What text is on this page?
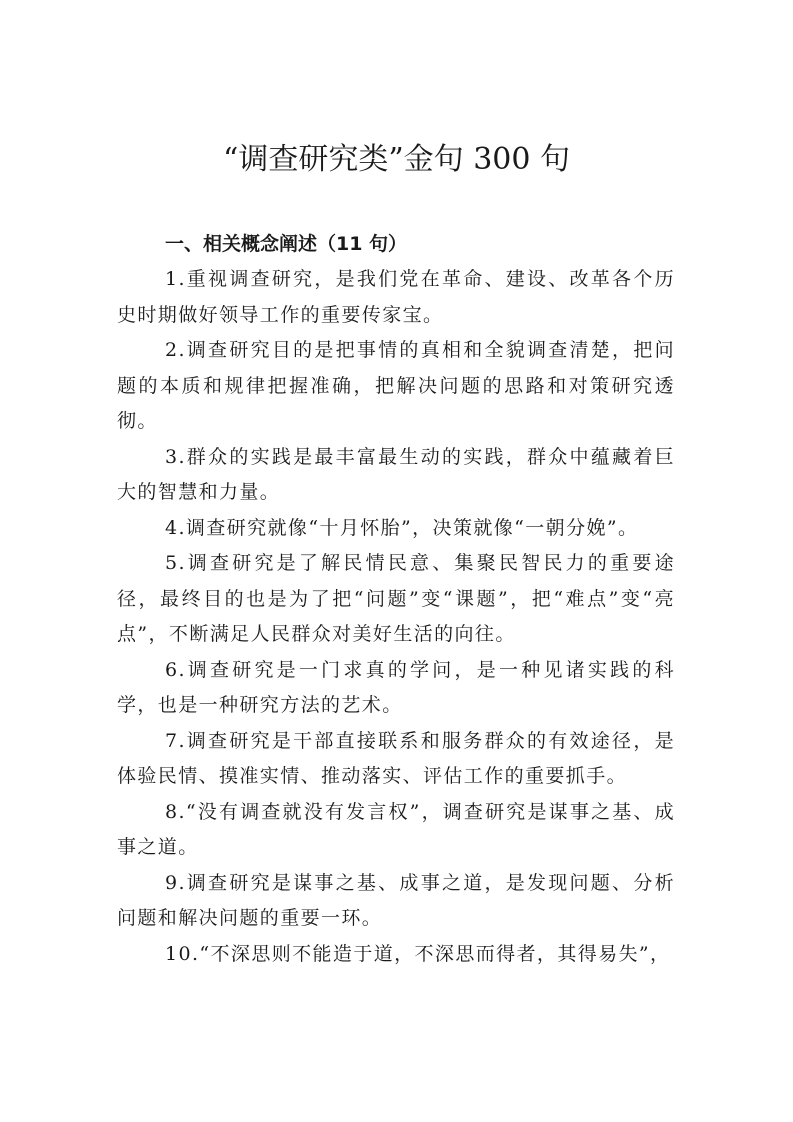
“调查研究类”金句 300 句

一、相关概念阐述（11 句）

1.重视调查研究，是我们党在革命、建设、改革各个历史时期做好领导工作的重要传家宝。

2.调查研究目的是把事情的真相和全貌调查清楚，把问题的本质和规律把握准确，把解决问题的思路和对策研究透彻。

3.群众的实践是最丰富最生动的实践，群众中蕴藏着巨大的智慧和力量。

4.调查研究就像“十月怀胎”，决策就像“一朝分娩”。

5.调查研究是了解民情民意、集聚民智民力的重要途径，最终目的也是为了把“问题”变“课题”，把“难点”变“亮点”，不断满足人民群众对美好生活的向往。

6.调查研究是一门求真的学问，是一种见诸实践的科学，也是一种研究方法的艺术。

7.调查研究是干部直接联系和服务群众的有效途径，是体验民情、摸准实情、推动落实、评估工作的重要抓手。

8.“没有调查就没有发言权”，调查研究是谋事之基、成事之道。

9.调查研究是谋事之基、成事之道，是发现问题、分析问题和解决问题的重要一环。

10.“不深思则不能造于道，不深思而得者，其得易失”，
